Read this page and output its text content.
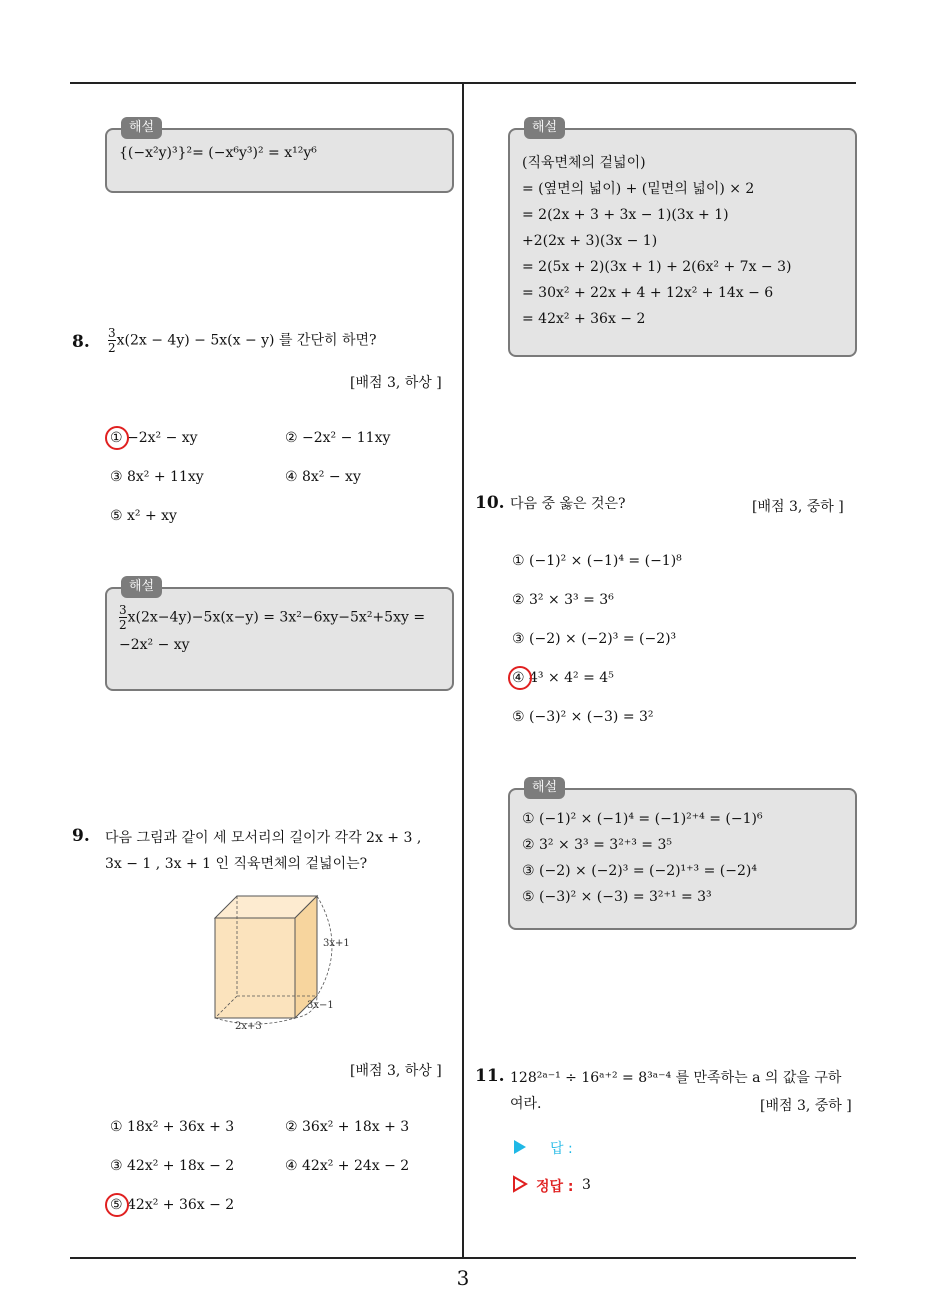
해설
{(−x²y)³}²= (−x⁶y³)² = x¹²y⁶
8. $\frac{3}{2} x(2x - 4y) - 5x(x - y)$ 를 간단히 하면?
[배점 3, 하상 ]
① −2x² − xy	② −2x² − 11xy
③ 8x² + 11xy	④ 8x² − xy
⑤ x² + xy
해설
$\frac{3}{2} x(2x-4y)-5x(x-y) = 3x^2-6xy-5x^2+5xy$ =
−2x² − xy
9. 다음 그림과 같이 세 모서리의 길이가 각각 2x + 3 ,
3x − 1 , 3x + 1 인 직육면체의 겉넓이는?
3x+1
3x−1
2x+3
[배점 3, 하상 ]
① 18x² + 36x + 3	② 36x² + 18x + 3
③ 42x² + 18x − 2	④ 42x² + 24x − 2
⑤ 42x² + 36x − 2
해설
(직육면체의 겉넓이)
= (옆면의 넓이) + (밑면의 넓이) × 2
= 2(2x + 3 + 3x − 1)(3x + 1)
+2(2x + 3)(3x − 1)
= 2(5x + 2)(3x + 1) + 2(6x² + 7x − 3)
= 30x² + 22x + 4 + 12x² + 14x − 6
= 42x² + 36x − 2
10. 다음 중 옳은 것은?	[배점 3, 중하 ]
① (−1)² × (−1)⁴ = (−1)⁸
② 3² × 3³ = 3⁶
③ (−2) × (−2)³ = (−2)³
④ 4³ × 4² = 4⁵
⑤ (−3)² × (−3) = 3²
해설
① (−1)² × (−1)⁴ = (−1)²⁺⁴ = (−1)⁶
② 3² × 3³ = 3²⁺³ = 3⁵
③ (−2) × (−2)³ = (−2)¹⁺³ = (−2)⁴
⑤ (−3)² × (−3) = 3²⁺¹ = 3³
11. 128²ᵃ⁻¹ ÷ 16ᵃ⁺² = 8³ᵃ⁻⁴ 를 만족하는 a 의 값을 구하
여라.	[배점 3, 중하 ]
답 :
정답 : 3
3
